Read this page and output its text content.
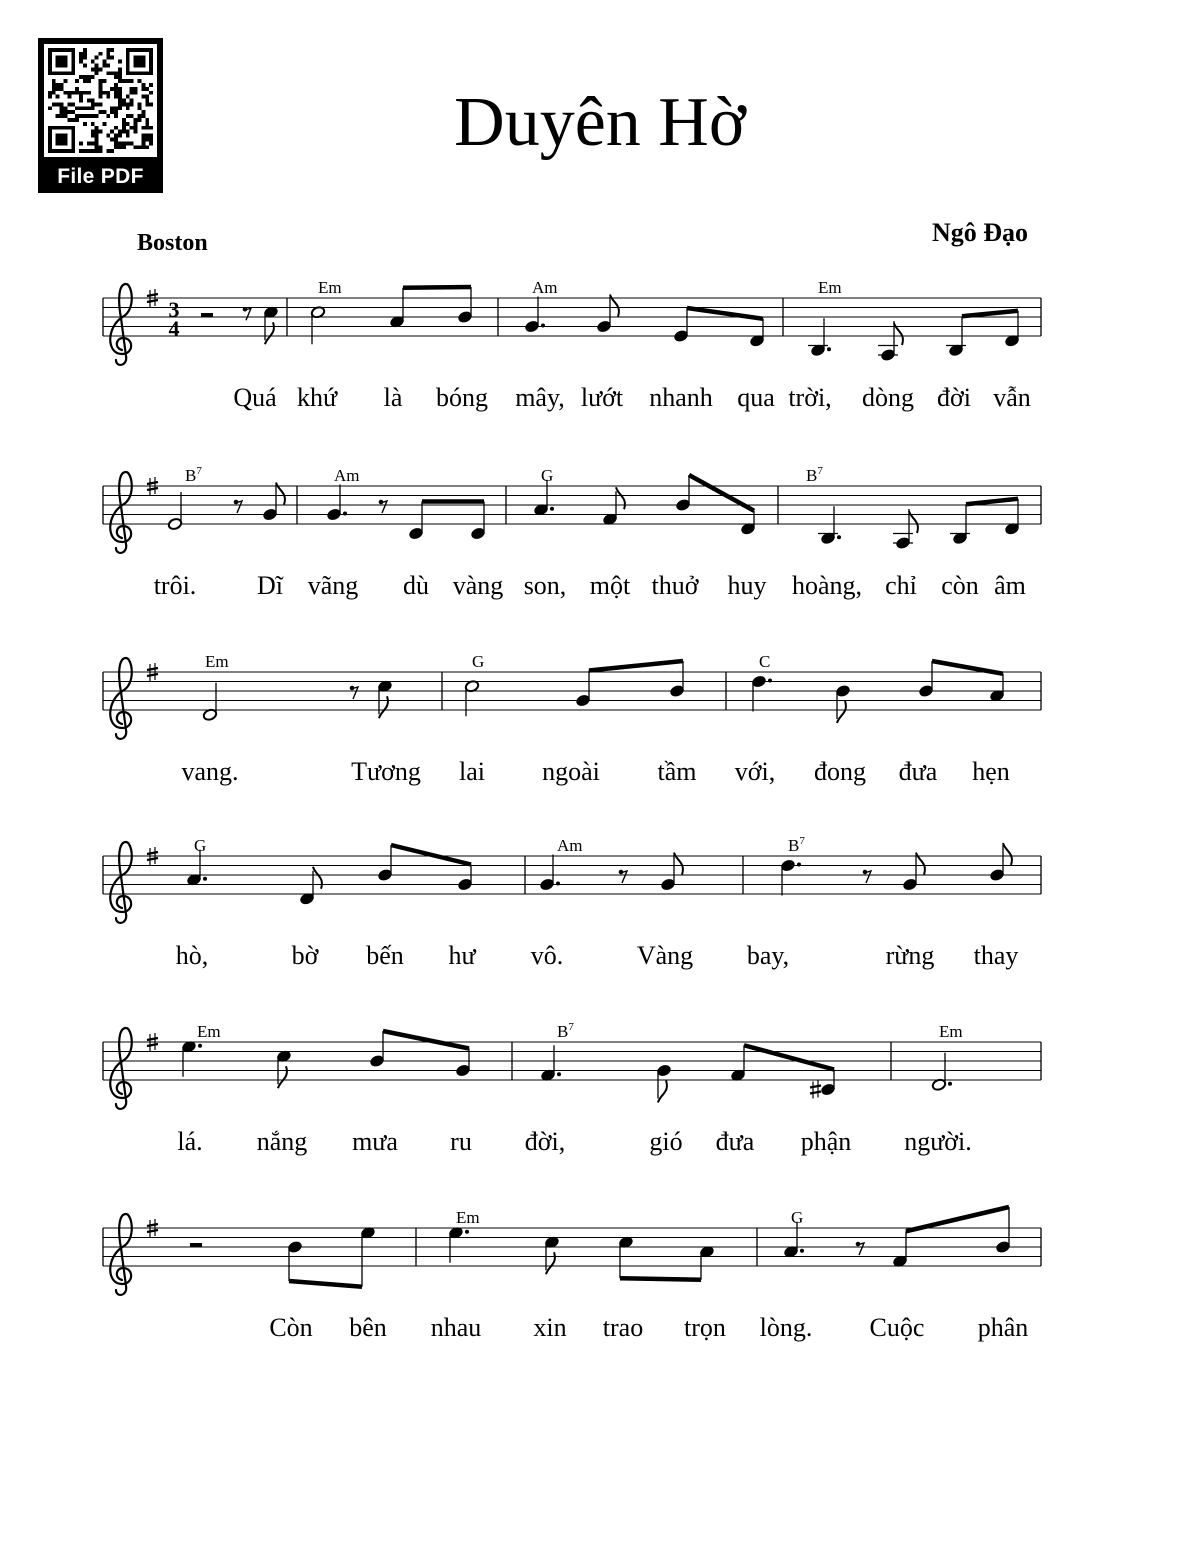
File PDF
Duyên Hờ
Boston	Ngô Đạo
3
4
Em	Am	Em
Quá khứ là bóng mây, lướt nhanh qua trời, dòng đời vẫn
$B^7$	Am	G	$B^7$
trôi. Dĩ vãng dù vàng son, một thuở huy hoàng, chỉ còn âm
Em	G	C
vang.	Tương lai ngoài tầm với, đong đưa hẹn
G	Am	$B^7$
hò,	bờ bến hư vô.	Vàng bay,	rừng thay
Em	$B^7$	Em
lá. nắng mưa ru đời,	gió đưa phận người.
Em	G
Còn bên nhau xin trao trọn lòng. Cuộc phân
